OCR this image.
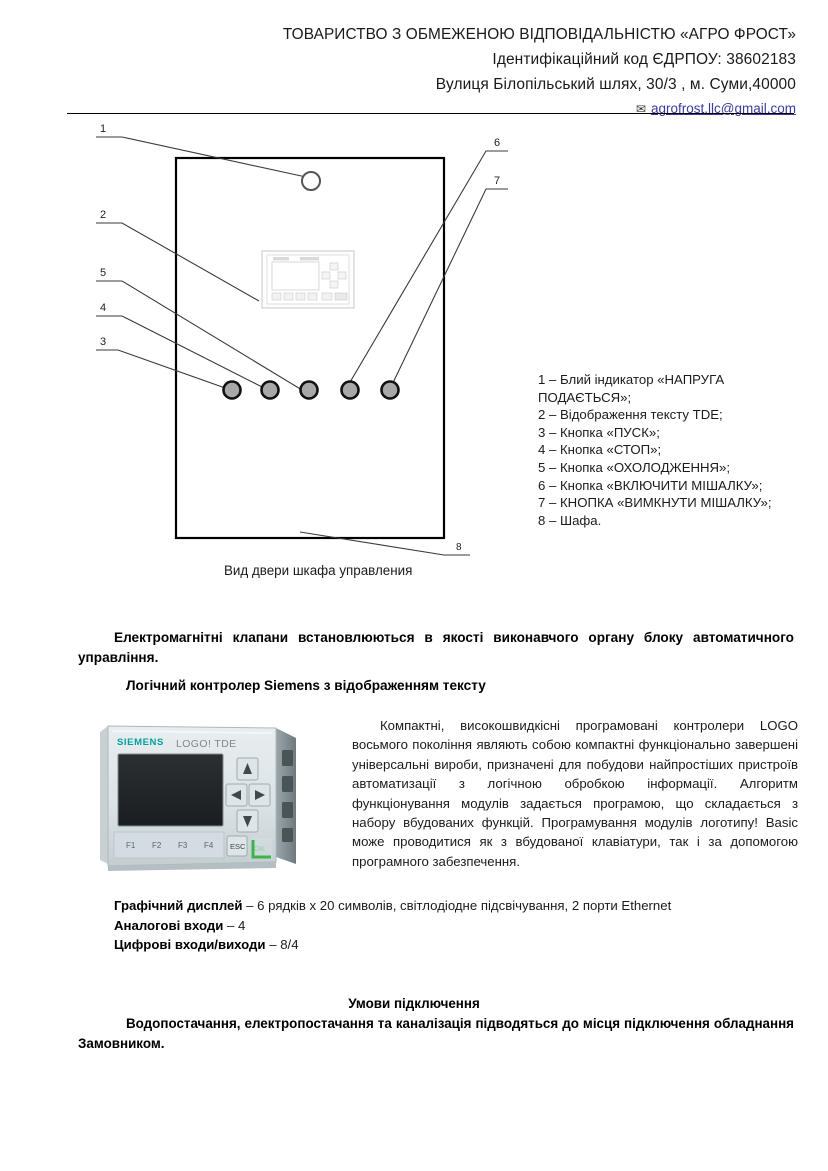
ТОВАРИСТВО З ОБМЕЖЕНОЮ ВІДПОВІДАЛЬНІСТЮ «АГРО ФРОСТ»
Ідентифікаційний код ЄДРПОУ: 38602183
Вулиця Білопільський шлях, 30/3 , м. Суми,40000
✉ agrofrost.llc@gmail.com
1
2
5
4
3
6
7
8
1 – Блий індикатор «НАПРУГА ПОДАЄТЬСЯ»;
2 – Відображення тексту TDE;
3 – Кнопка «ПУСК»;
4 – Кнопка «СТОП»;
5 – Кнопка «ОХОЛОДЖЕННЯ»;
6 – Кнопка «ВКЛЮЧИТИ МІШАЛКУ»;
7 – КНОПКА «ВИМКНУТИ МІШАЛКУ»;
8 – Шафа.
Вид двери шкафа управления
Електромагнітні клапани встановлюються в якості виконавчого органу блоку автоматичного управління.
Логічний контролер Siemens з відображенням тексту
SIEMENS LOGO! TDE
F1 F2 F3 F4 ESC OK
Компактні, високошвидкісні програмовані контролери LOGO восьмого покоління являють собою компактні функціонально завершені універсальні вироби, призначені для побудови найпростіших пристроїв автоматизації з логічною обробкою інформації. Алгоритм функціонування модулів задається програмою, що складається з набору вбудованих функцій. Програмування модулів логотипу! Basic може проводитися як з вбудованої клавіатури, так і за допомогою програмного забезпечення.
Графічний дисплей – 6 рядків х 20 символів, світлодіодне підсвічування, 2 порти Ethernet
Аналогові входи – 4
Цифрові входи/виходи – 8/4
Умови підключення
Водопостачання, електропостачання та каналізація підводяться до місця підключення обладнання Замовником.
